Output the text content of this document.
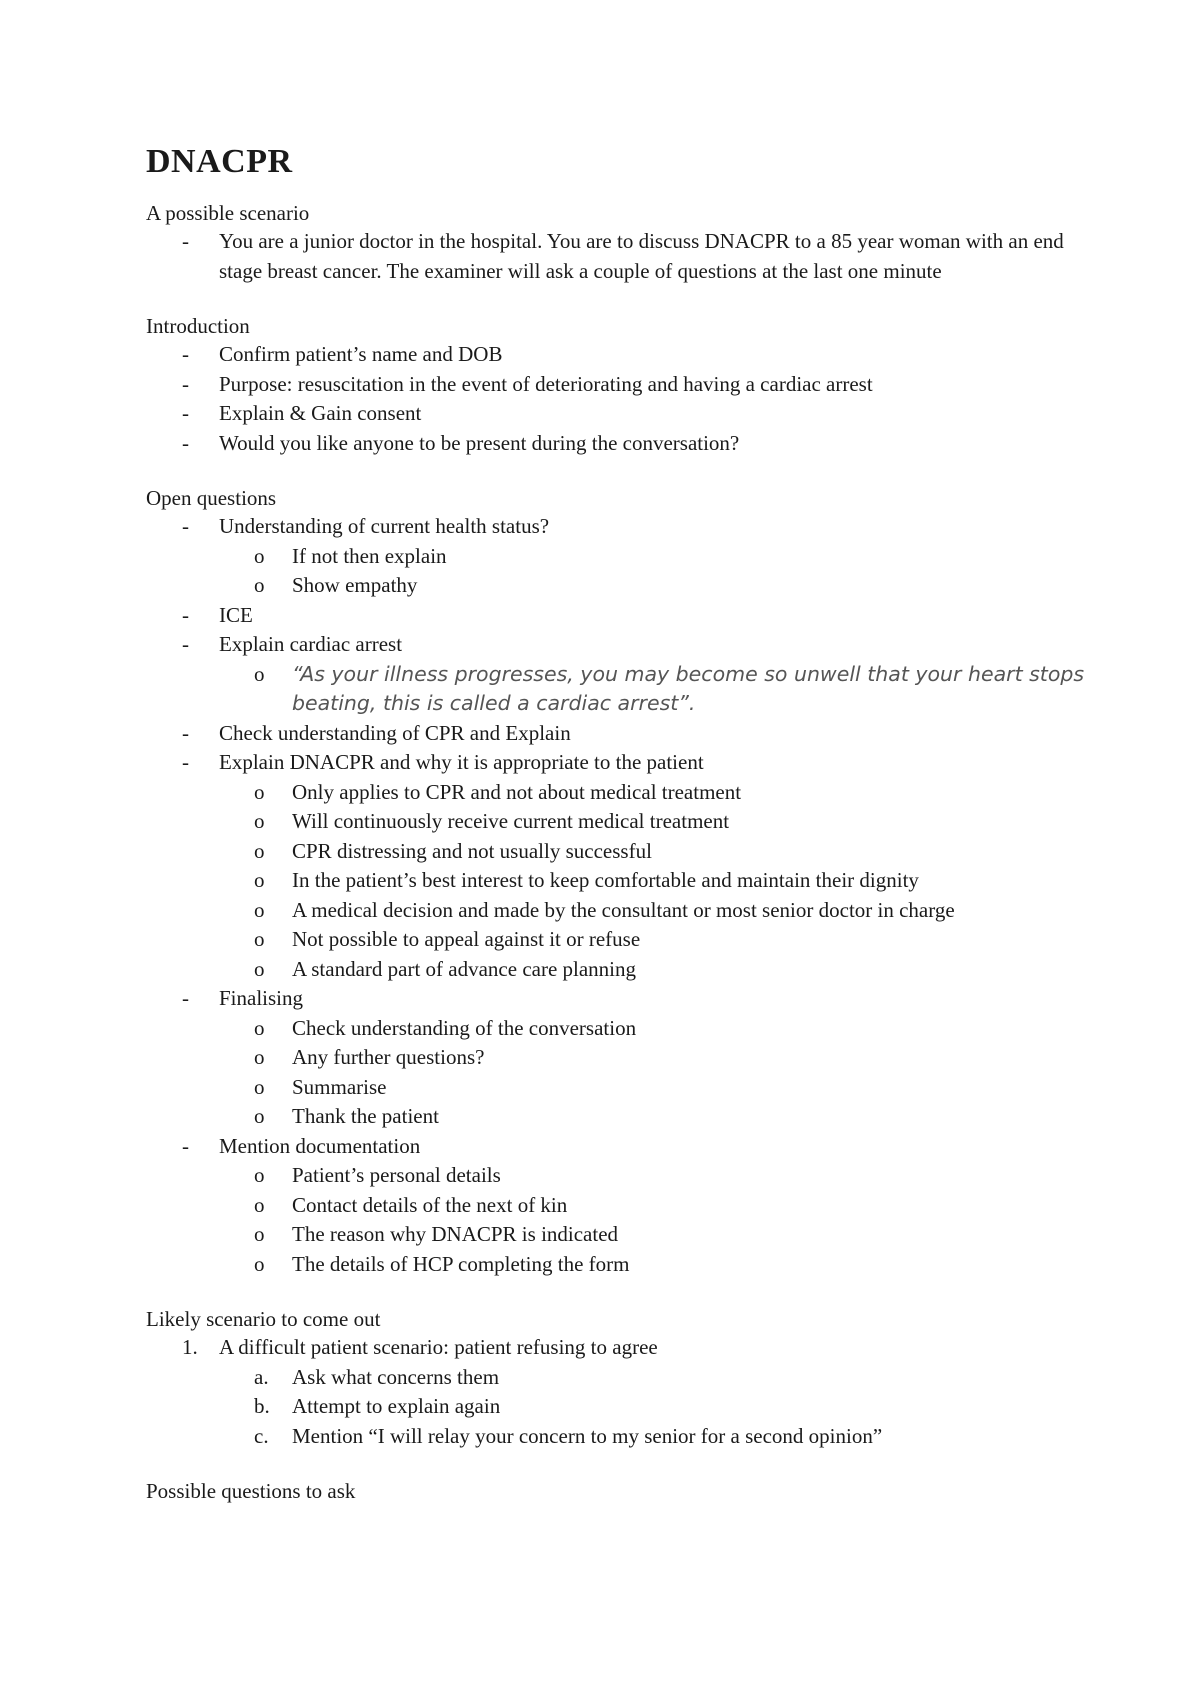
DNACPR

A possible scenario

-	You are a junior doctor in the hospital. You are to discuss DNACPR to a 85 year woman with an end stage breast cancer. The examiner will ask a couple of questions at the last one minute

Introduction

-	Confirm patient’s name and DOB
-	Purpose: resuscitation in the event of deteriorating and having a cardiac arrest
-	Explain & Gain consent
-	Would you like anyone to be present during the conversation?

Open questions

-	Understanding of current health status?
o	If not then explain
o	Show empathy
-	ICE
-	Explain cardiac arrest
o	“As your illness progresses, you may become so unwell that your heart stops beating, this is called a cardiac arrest”.
-	Check understanding of CPR and Explain
-	Explain DNACPR and why it is appropriate to the patient
o	Only applies to CPR and not about medical treatment
o	Will continuously receive current medical treatment
o	CPR distressing and not usually successful
o	In the patient’s best interest to keep comfortable and maintain their dignity
o	A medical decision and made by the consultant or most senior doctor in charge
o	Not possible to appeal against it or refuse
o	A standard part of advance care planning
-	Finalising
o	Check understanding of the conversation
o	Any further questions?
o	Summarise
o	Thank the patient
-	Mention documentation
o	Patient’s personal details
o	Contact details of the next of kin
o	The reason why DNACPR is indicated
o	The details of HCP completing the form

Likely scenario to come out

1.	A difficult patient scenario: patient refusing to agree
a.	Ask what concerns them
b.	Attempt to explain again
c.	Mention “I will relay your concern to my senior for a second opinion”

Possible questions to ask
